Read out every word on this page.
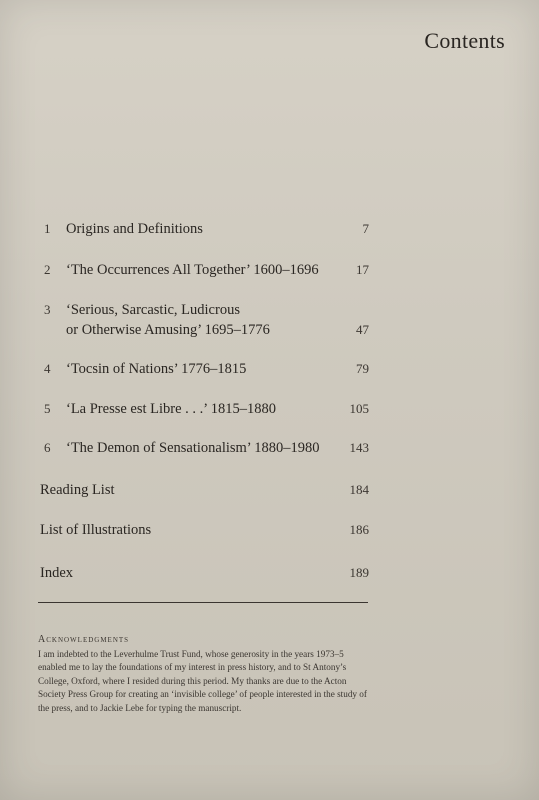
Contents
1 Origins and Definitions	7
2 ‘The Occurrences All Together’ 1600–1696	17
3 ‘Serious, Sarcastic, Ludicrous
or Otherwise Amusing’ 1695–1776	47
4 ‘Tocsin of Nations’ 1776–1815	79
5 ‘La Presse est Libre . . .’ 1815–1880	105
6 ‘The Demon of Sensationalism’ 1880–1980 143
Reading List	184
List of Illustrations	186
Index	189
Acknowledgments
I am indebted to the Leverhulme Trust Fund, whose generosity in the years 1973–5 enabled me to lay the foundations of my interest in press history, and to St Antony’s College, Oxford, where I resided during this period. My thanks are due to the Acton Society Press Group for creating an ‘invisible college’ of people interested in the study of the press, and to Jackie Lebe for typing the manuscript.
